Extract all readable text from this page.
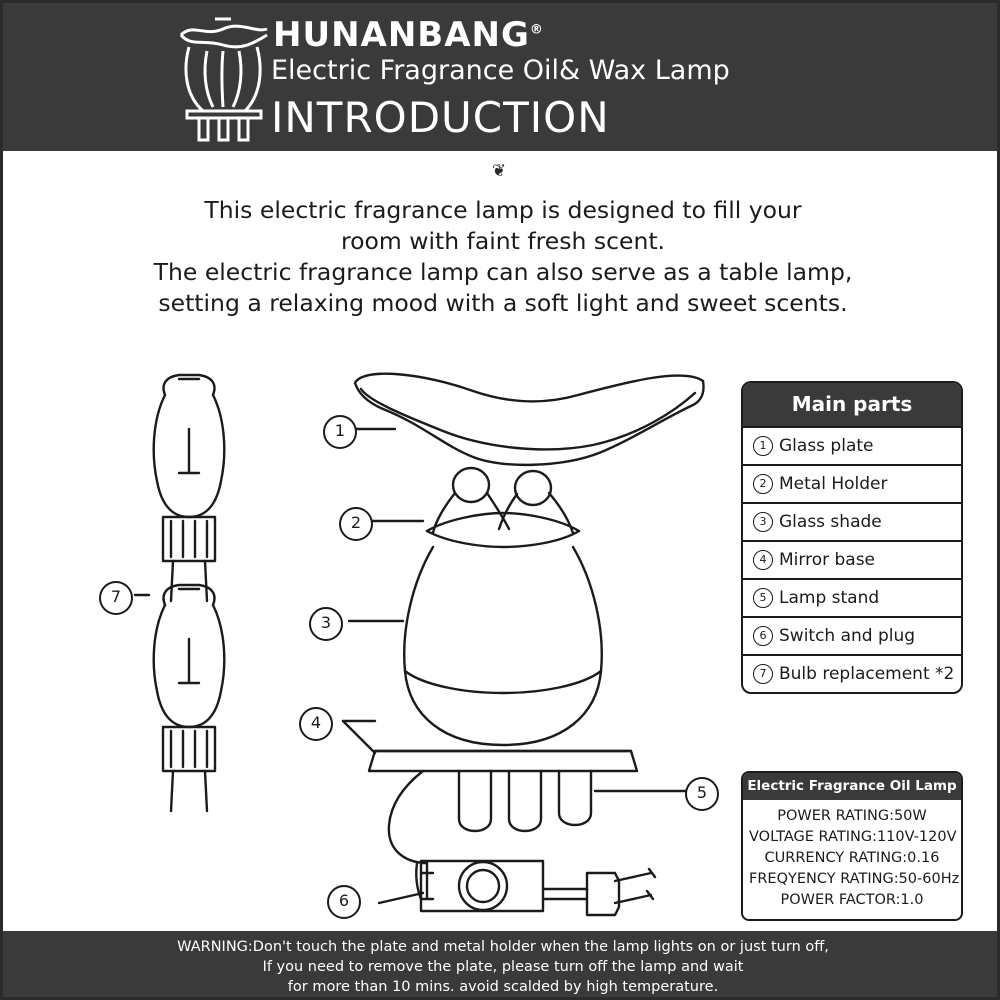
HUNANBANG®
Electric Fragrance Oil& Wax Lamp
INTRODUCTION
❦
This electric fragrance lamp is designed to fill your
room with faint fresh scent.
The electric fragrance lamp can also serve as a table lamp,
setting a relaxing mood with a soft light and sweet scents.
1
2
3
4
5
6
7
Main parts
1 Glass plate
2 Metal Holder
3 Glass shade
4 Mirror base
5 Lamp stand
6 Switch and plug
7 Bulb replacement *2
Electric Fragrance Oil Lamp
POWER RATING:50W
VOLTAGE RATING:110V-120V
CURRENCY RATING:0.16
FREQYENCY RATING:50-60Hz
POWER FACTOR:1.0
WARNING:Don't touch the plate and metal holder when the lamp lights on or just turn off,
If you need to remove the plate, please turn off the lamp and wait
for more than 10 mins. avoid scalded by high temperature.
